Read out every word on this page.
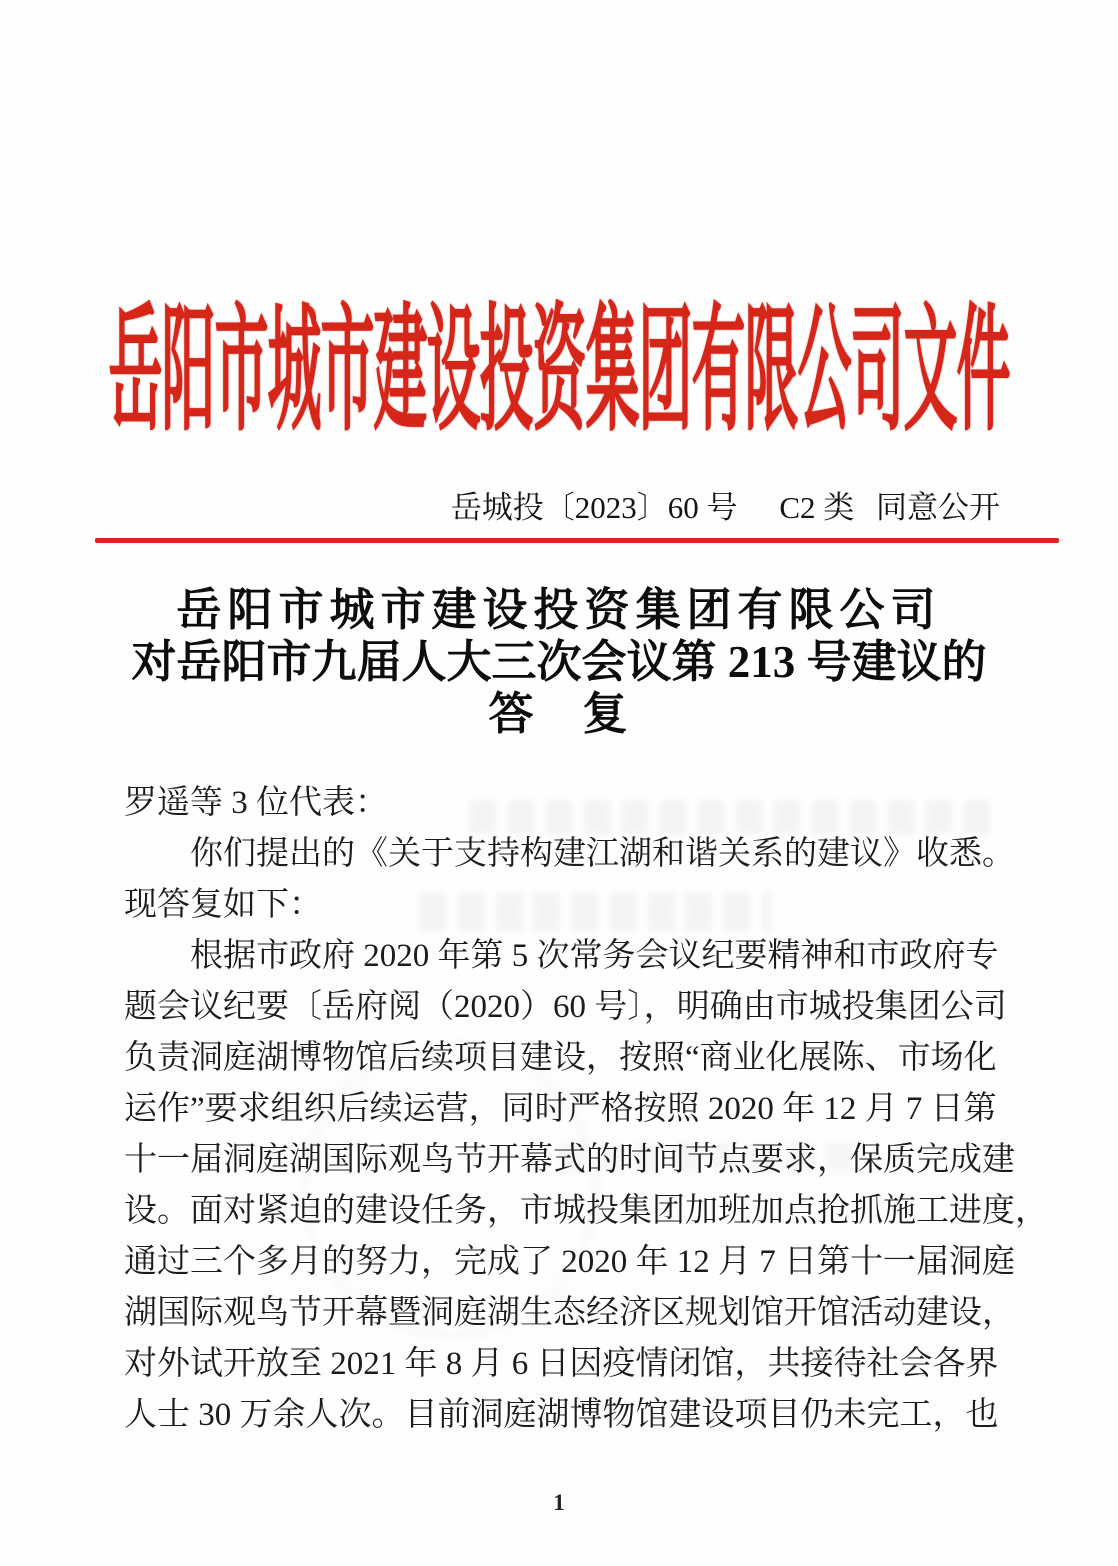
岳阳市城市建设投资集团有限公司文件
岳城投〔2023〕60 号 C2 类 同意公开
岳阳市城市建设投资集团有限公司
对岳阳市九届人大三次会议第 213 号建议的
答　复
罗遥等 3 位代表：
你们提出的《关于支持构建江湖和谐关系的建议》收悉。
现答复如下：
根据市政府 2020 年第 5 次常务会议纪要精神和市政府专
题会议纪要〔岳府阅（2020）60 号〕，明确由市城投集团公司
负责洞庭湖博物馆后续项目建设，按照“商业化展陈、市场化
运作”要求组织后续运营，同时严格按照 2020 年 12 月 7 日第
十一届洞庭湖国际观鸟节开幕式的时间节点要求，保质完成建
设。面对紧迫的建设任务，市城投集团加班加点抢抓施工进度，
通过三个多月的努力，完成了 2020 年 12 月 7 日第十一届洞庭
湖国际观鸟节开幕暨洞庭湖生态经济区规划馆开馆活动建设，
对外试开放至 2021 年 8 月 6 日因疫情闭馆，共接待社会各界
人士 30 万余人次。目前洞庭湖博物馆建设项目仍未完工，也
1
